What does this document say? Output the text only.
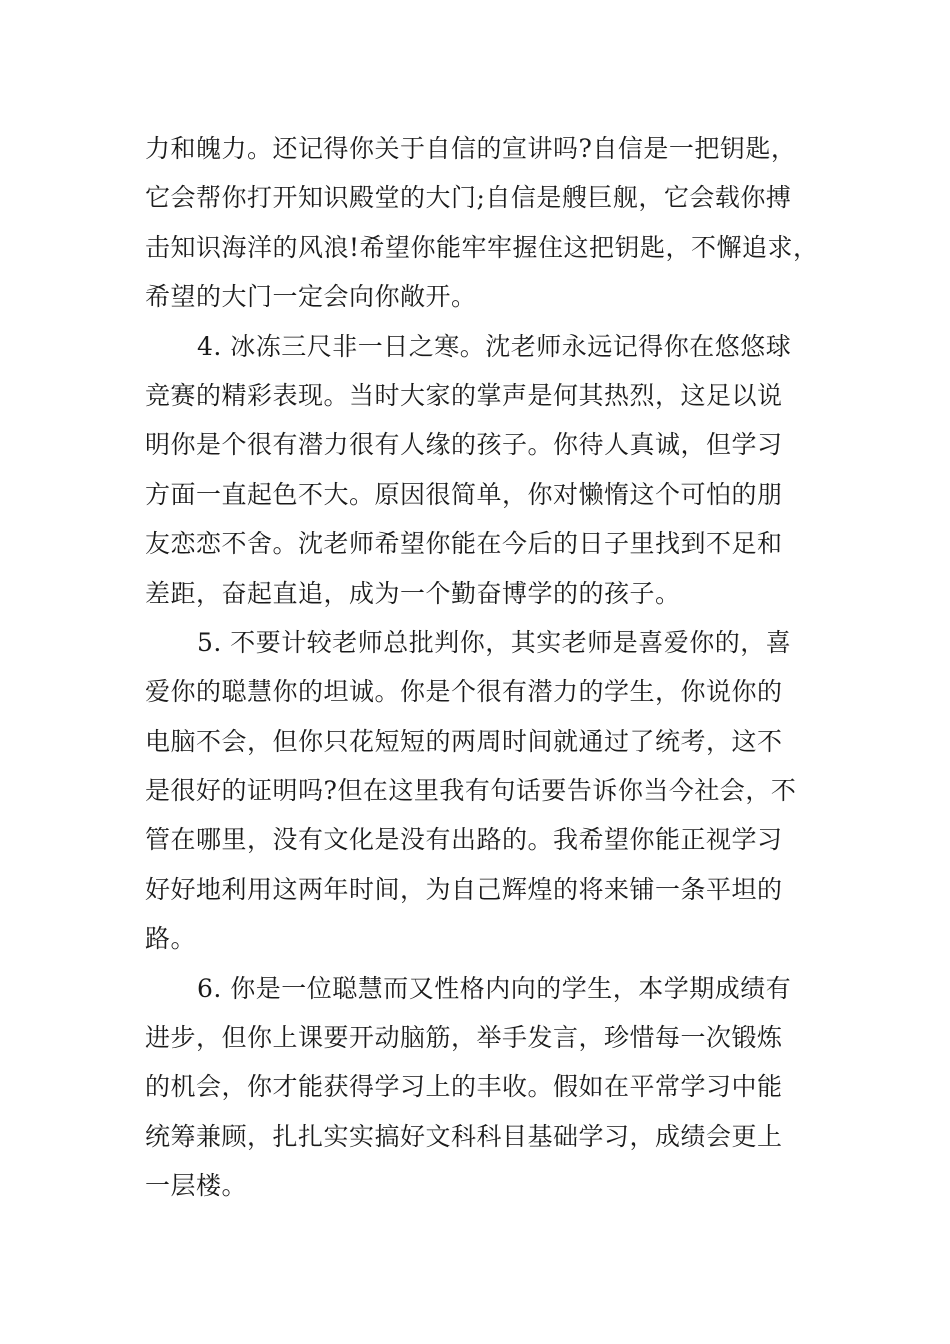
力和魄力。还记得你关于自信的宣讲吗?自信是一把钥匙，
它会帮你打开知识殿堂的大门;自信是艘巨舰，它会载你搏
击知识海洋的风浪!希望你能牢牢握住这把钥匙，不懈追求，
希望的大门一定会向你敞开。
4. 冰冻三尺非一日之寒。沈老师永远记得你在悠悠球
竞赛的精彩表现。当时大家的掌声是何其热烈，这足以说
明你是个很有潜力很有人缘的孩子。你待人真诚，但学习
方面一直起色不大。原因很简单，你对懒惰这个可怕的朋
友恋恋不舍。沈老师希望你能在今后的日子里找到不足和
差距，奋起直追，成为一个勤奋博学的的孩子。
5. 不要计较老师总批判你，其实老师是喜爱你的，喜
爱你的聪慧你的坦诚。你是个很有潜力的学生，你说你的
电脑不会，但你只花短短的两周时间就通过了统考，这不
是很好的证明吗?但在这里我有句话要告诉你当今社会，不
管在哪里，没有文化是没有出路的。我希望你能正视学习
好好地利用这两年时间，为自己辉煌的将来铺一条平坦的
路。
6. 你是一位聪慧而又性格内向的学生，本学期成绩有
进步，但你上课要开动脑筋，举手发言，珍惜每一次锻炼
的机会，你才能获得学习上的丰收。假如在平常学习中能
统筹兼顾，扎扎实实搞好文科科目基础学习，成绩会更上
一层楼。
